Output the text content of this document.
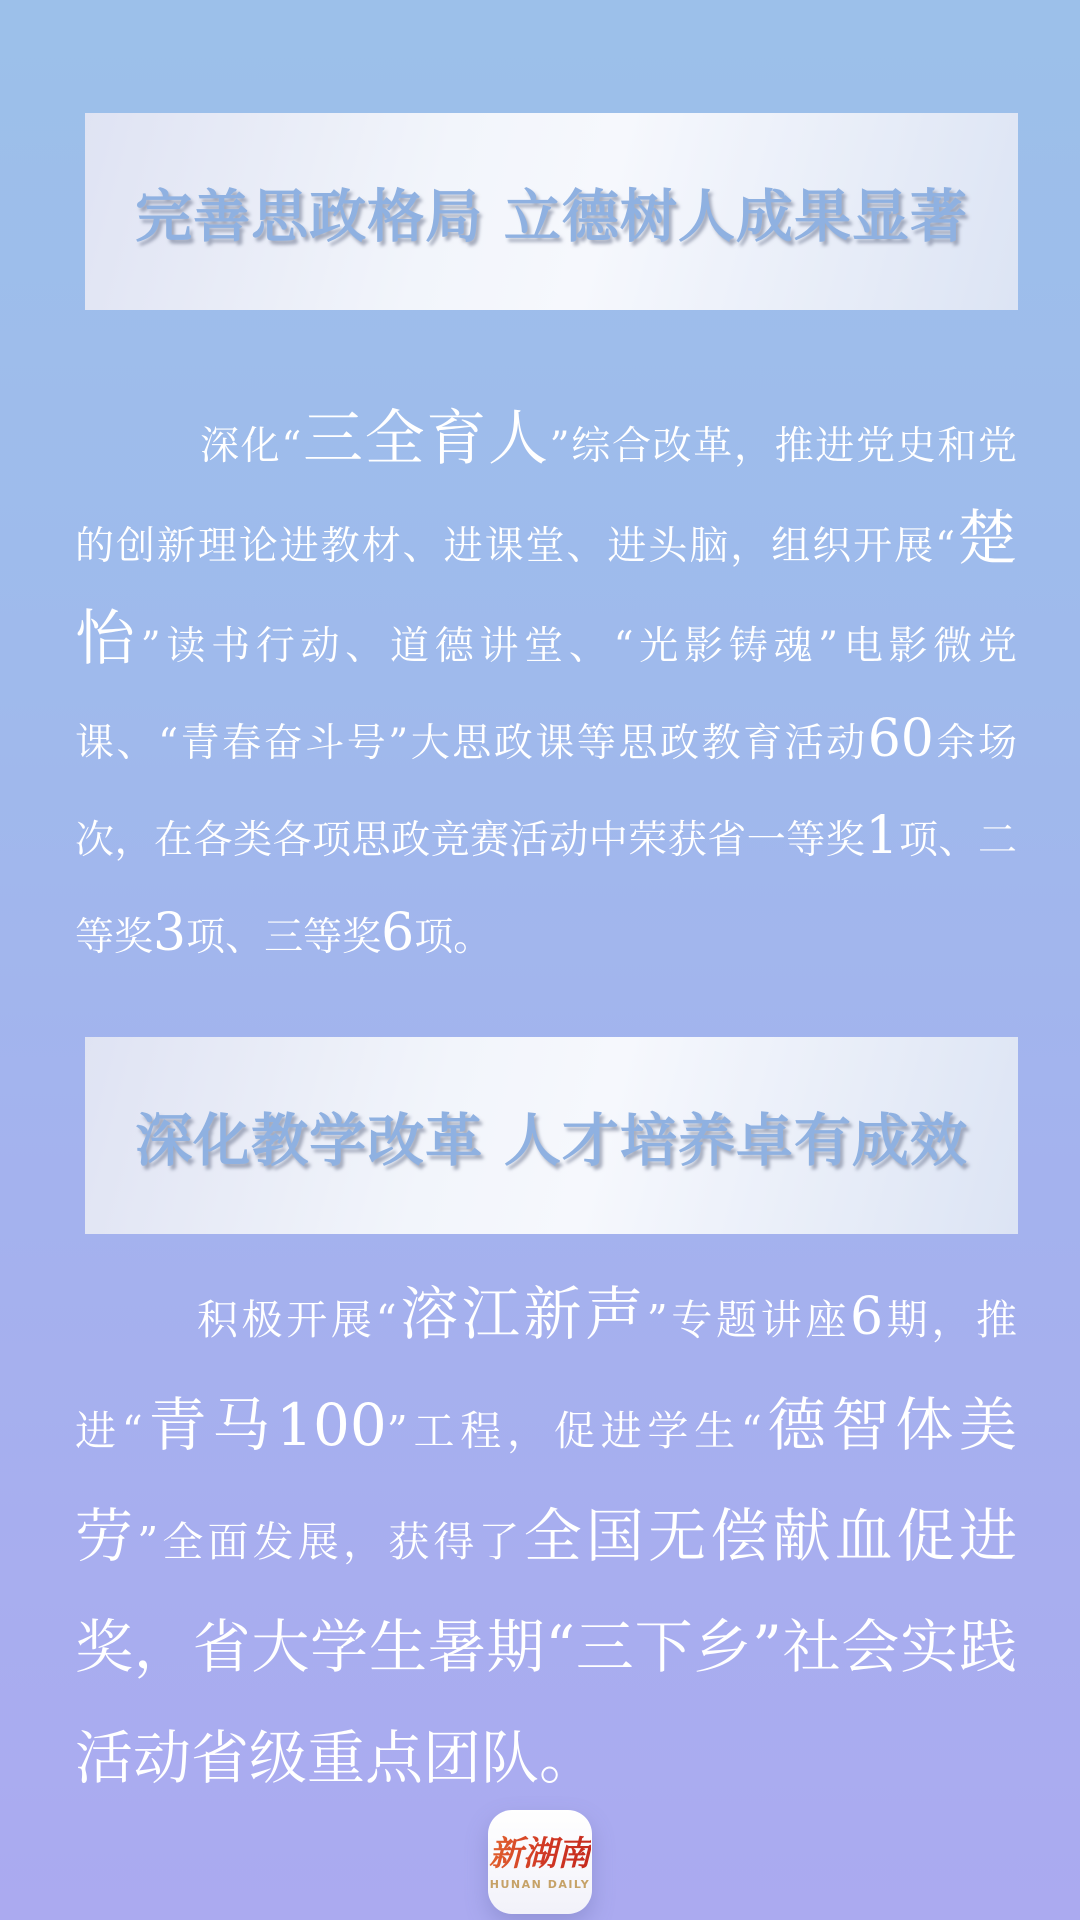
完善思政格局 立德树人成果显著
深化“三全育人”综合改革，推进党史和党的创新理论进教材、进课堂、进头脑，组织开展“楚怡”读书行动、道德讲堂、“光影铸魂”电影微党课、“青春奋斗号”大思政课等思政教育活动60余场次，在各类各项思政竞赛活动中荣获省一等奖1项、二等奖3项、三等奖6项。
深化教学改革 人才培养卓有成效
积极开展“溶江新声”专题讲座6期，推进“青马100”工程，促进学生“德智体美劳”全面发展，获得了全国无偿献血促进奖，省大学生暑期“三下乡”社会实践活动省级重点团队。
新湖南
HUNAN DAILY
